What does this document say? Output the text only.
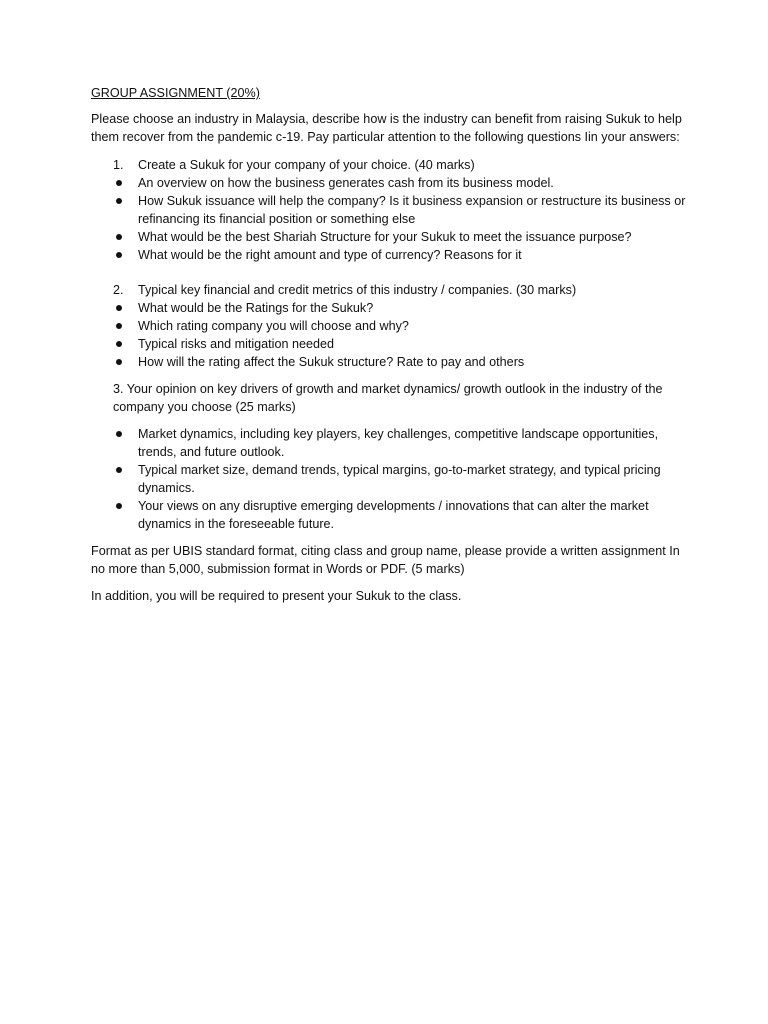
GROUP ASSIGNMENT (20%)

Please choose an industry in Malaysia, describe how is the industry can benefit from raising Sukuk to help them recover from the pandemic c-19. Pay particular attention to the following questions Iin your answers:

1.	Create a Sukuk for your company of your choice. (40 marks)
An overview on how the business generates cash from its business model.
How Sukuk issuance will help the company? Is it business expansion or restructure its business or refinancing its financial position or something else
What would be the best Shariah Structure for your Sukuk to meet the issuance purpose?
What would be the right amount and type of currency? Reasons for it
2.	Typical key financial and credit metrics of this industry / companies. (30 marks)
What would be the Ratings for the Sukuk?
Which rating company you will choose and why?
Typical risks and mitigation needed
How will the rating affect the Sukuk structure? Rate to pay and others

3. Your opinion on key drivers of growth and market dynamics/ growth outlook in the industry of the company you choose (25 marks)

Market dynamics, including key players, key challenges, competitive landscape opportunities, trends, and future outlook.
Typical market size, demand trends, typical margins, go-to-market strategy, and typical pricing dynamics.
Your views on any disruptive emerging developments / innovations that can alter the market dynamics in the foreseeable future.

Format as per UBIS standard format, citing class and group name, please provide a written assignment In no more than 5,000, submission format in Words or PDF. (5 marks)

In addition, you will be required to present your Sukuk to the class.
